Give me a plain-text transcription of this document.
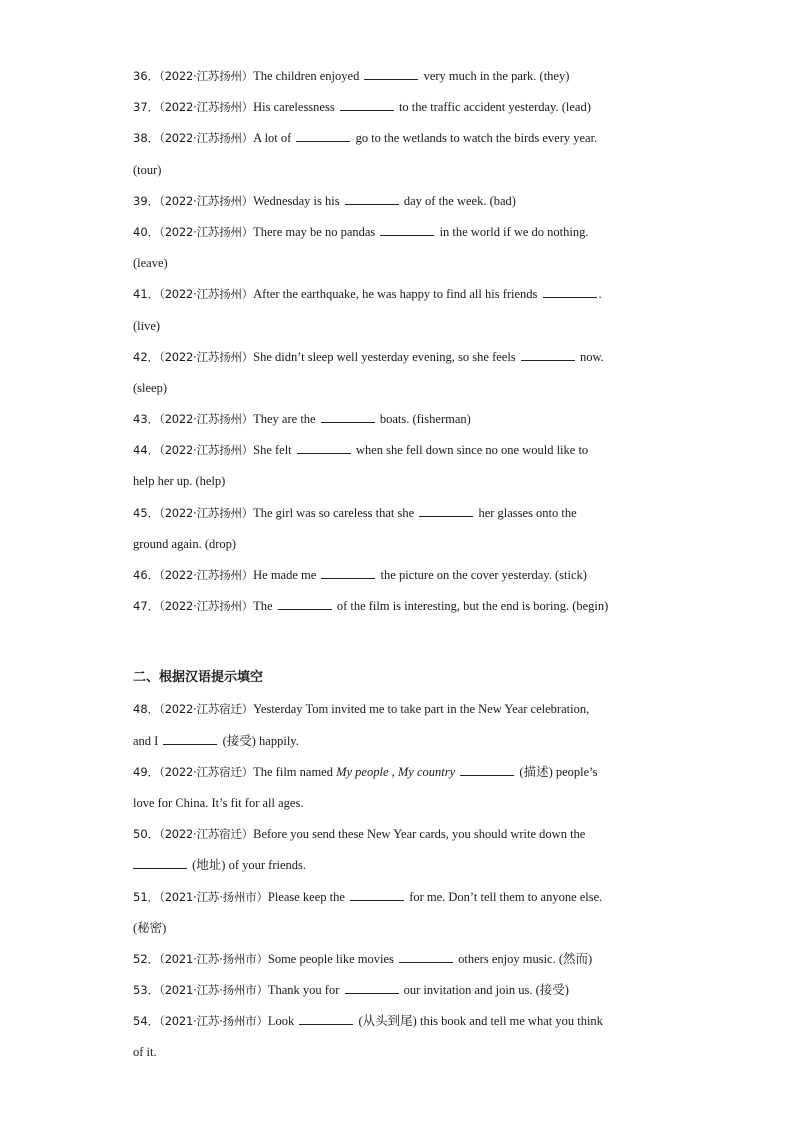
36．（2022·江苏扬州）The children enjoyed	very much in the park. (they)
37．（2022·江苏扬州）His carelessness	to the traffic accident yesterday. (lead)
38．（2022·江苏扬州）A lot of	go to the wetlands to watch the birds every year.
(tour)
39．（2022·江苏扬州）Wednesday is his	day of the week. (bad)
40．（2022·江苏扬州）There may be no pandas	in the world if we do nothing.
(leave)
41．（2022·江苏扬州）After the earthquake, he was happy to find all his friends	.
(live)
42．（2022·江苏扬州）She didn’t sleep well yesterday evening, so she feels	now.
(sleep)
43．（2022·江苏扬州）They are the	boats. (fisherman)
44．（2022·江苏扬州）She felt	when she fell down since no one would like to
help her up. (help)
45．（2022·江苏扬州）The girl was so careless that she	her glasses onto the
ground again. (drop)
46．（2022·江苏扬州）He made me	the picture on the cover yesterday. (stick)
47．（2022·江苏扬州）The	of the film is interesting, but the end is boring. (begin)
二、根据汉语提示填空
48．（2022·江苏宿迁）Yesterday Tom invited me to take part in the New Year celebration,
and I	(接受) happily.
49．（2022·江苏宿迁）The film named My people , My country	(描述) people’s
love for China. It’s fit for all ages.
50．（2022·江苏宿迁）Before you send these New Year cards, you should write down the
(地址) of your friends.
51．（2021·江苏·扬州市）Please keep the	for me. Don’t tell them to anyone else.
(秘密)
52．（2021·江苏·扬州市）Some people like movies	others enjoy music. (然而)
53．（2021·江苏·扬州市）Thank you for	our invitation and join us. (接受)
54．（2021·江苏·扬州市）Look	(从头到尾) this book and tell me what you think
of it.
